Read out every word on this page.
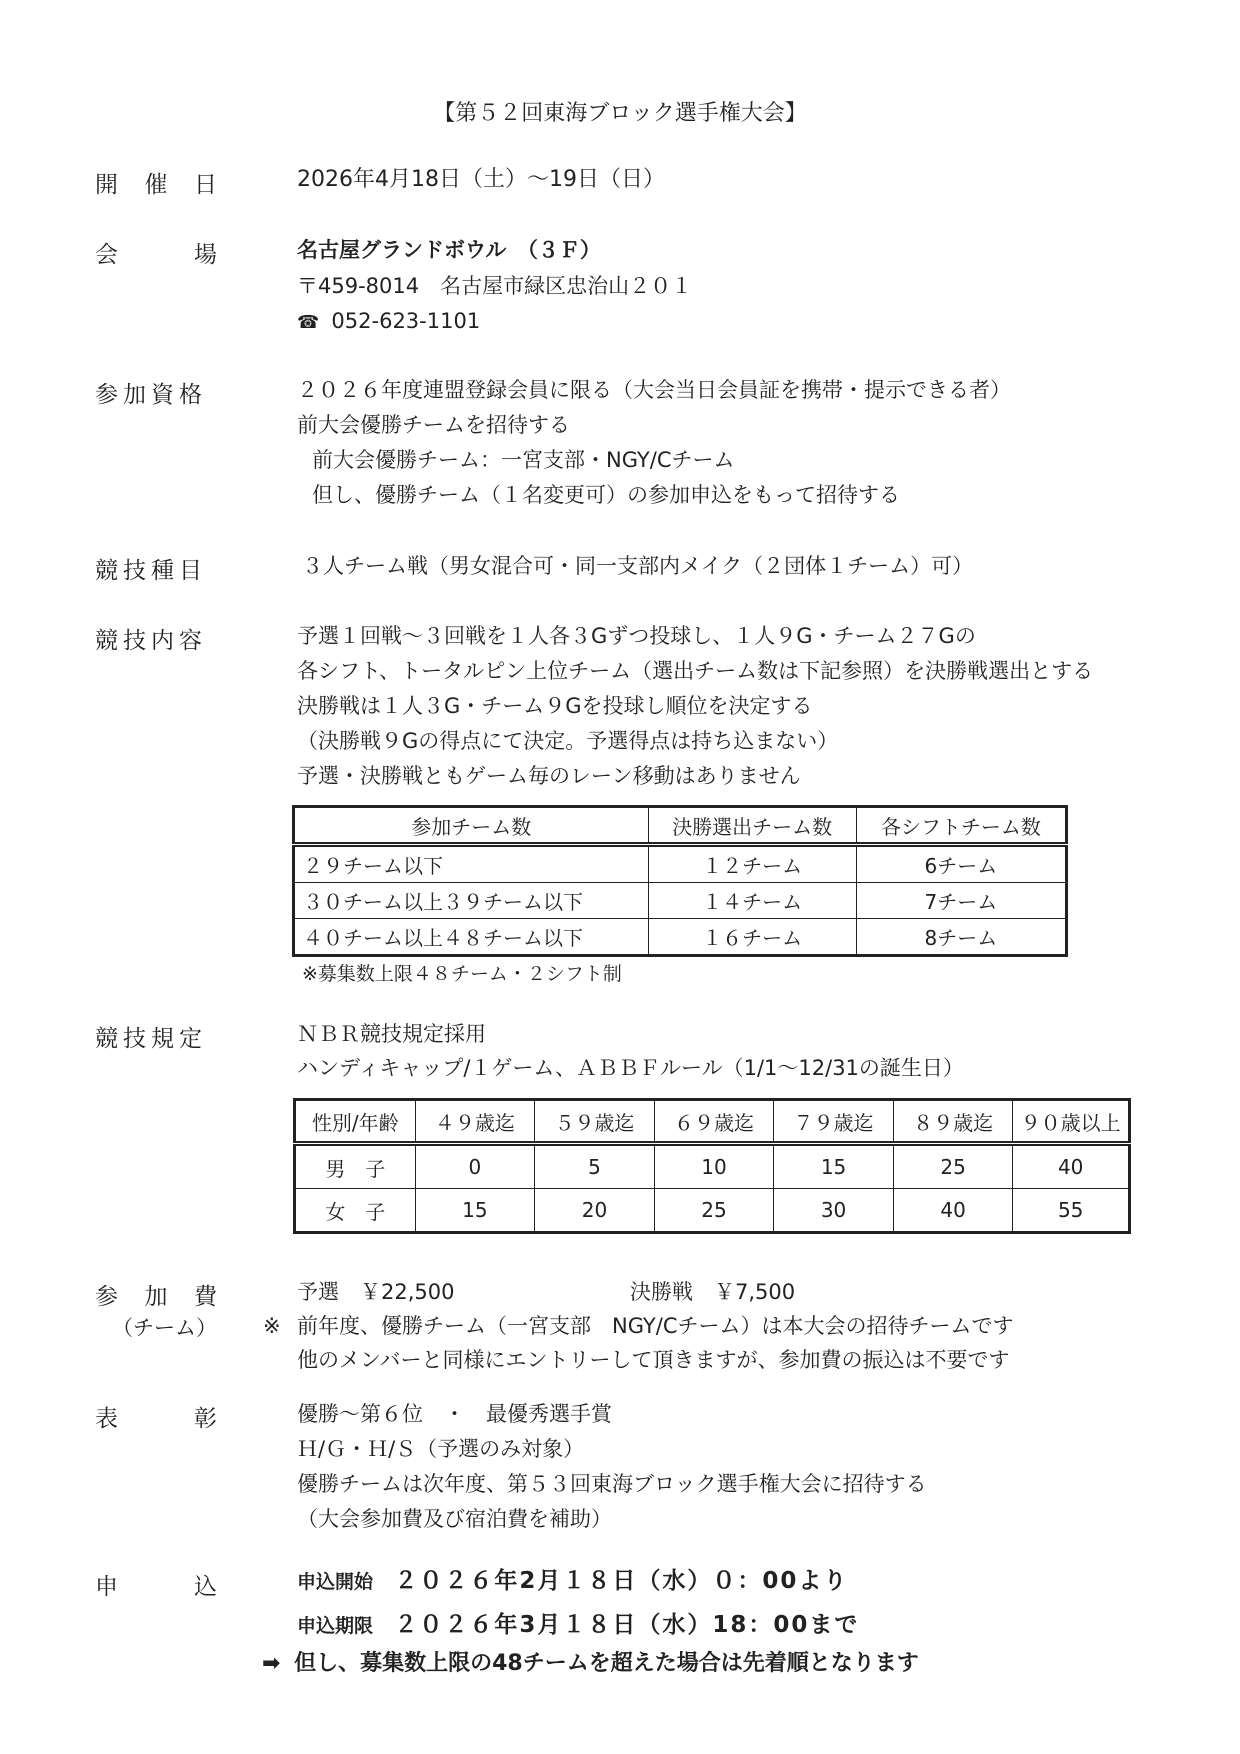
【第５２回東海ブロック選手権大会】
開 催 日	2026年4月18日（土）～19日（日）
会	場	名古屋グランドボウル　（３Ｆ）
〒459-8014　名古屋市緑区忠治山２０１
☎ 052-623-1101
参加資格	２０２６年度連盟登録会員に限る（大会当日会員証を携帯・提示できる者）
前大会優勝チームを招待する
前大会優勝チーム：一宮支部・NGY/Cチーム
但し、優勝チーム（１名変更可）の参加申込をもって招待する
競技種目	３人チーム戦（男女混合可・同一支部内メイク（２団体１チーム）可）
競技内容	予選１回戦～３回戦を１人各３Gずつ投球し、１人９G・チーム２７Gの
各シフト、トータルピン上位チーム（選出チーム数は下記参照）を決勝戦選出とする
決勝戦は１人３G・チーム９Gを投球し順位を決定する
（決勝戦９Gの得点にて決定。予選得点は持ち込まない）
予選・決勝戦ともゲーム毎のレーン移動はありません
参加チーム数	決勝選出チーム数	各シフトチーム数
２９チーム以下	１２チーム	6チーム
３０チーム以上３９チーム以下	１４チーム	7チーム
４０チーム以上４８チーム以下	１６チーム	8チーム
※募集数上限４８チーム・２シフト制
競技規定	ＮＢＲ競技規定採用
ハンディキャップ/１ゲーム、ＡＢＢＦルール（1/1～12/31の誕生日）
性別/年齢	４９歳迄	５９歳迄	６９歳迄	７９歳迄	８９歳迄	９０歳以上
男　子	0	5	10	15	25	40
女　子	15	20	25	30	40	55
参 加 費
（チーム）
予選　￥22,500	決勝戦　￥7,500
※ 前年度、優勝チーム（一宮支部　NGY/Cチーム）は本大会の招待チームです
他のメンバーと同様にエントリーして頂きますが、参加費の振込は不要です
表	彰	優勝～第６位　・　最優秀選手賞
Ｈ/Ｇ・Ｈ/Ｓ（予選のみ対象）
優勝チームは次年度、第５３回東海ブロック選手権大会に招待する
（大会参加費及び宿泊費を補助）
申	込	申込開始 ２０２６年2月１８日（水）０：00より
申込期限 ２０２６年3月１８日（水）18：00まで
➡ 但し、募集数上限の48チームを超えた場合は先着順となります
